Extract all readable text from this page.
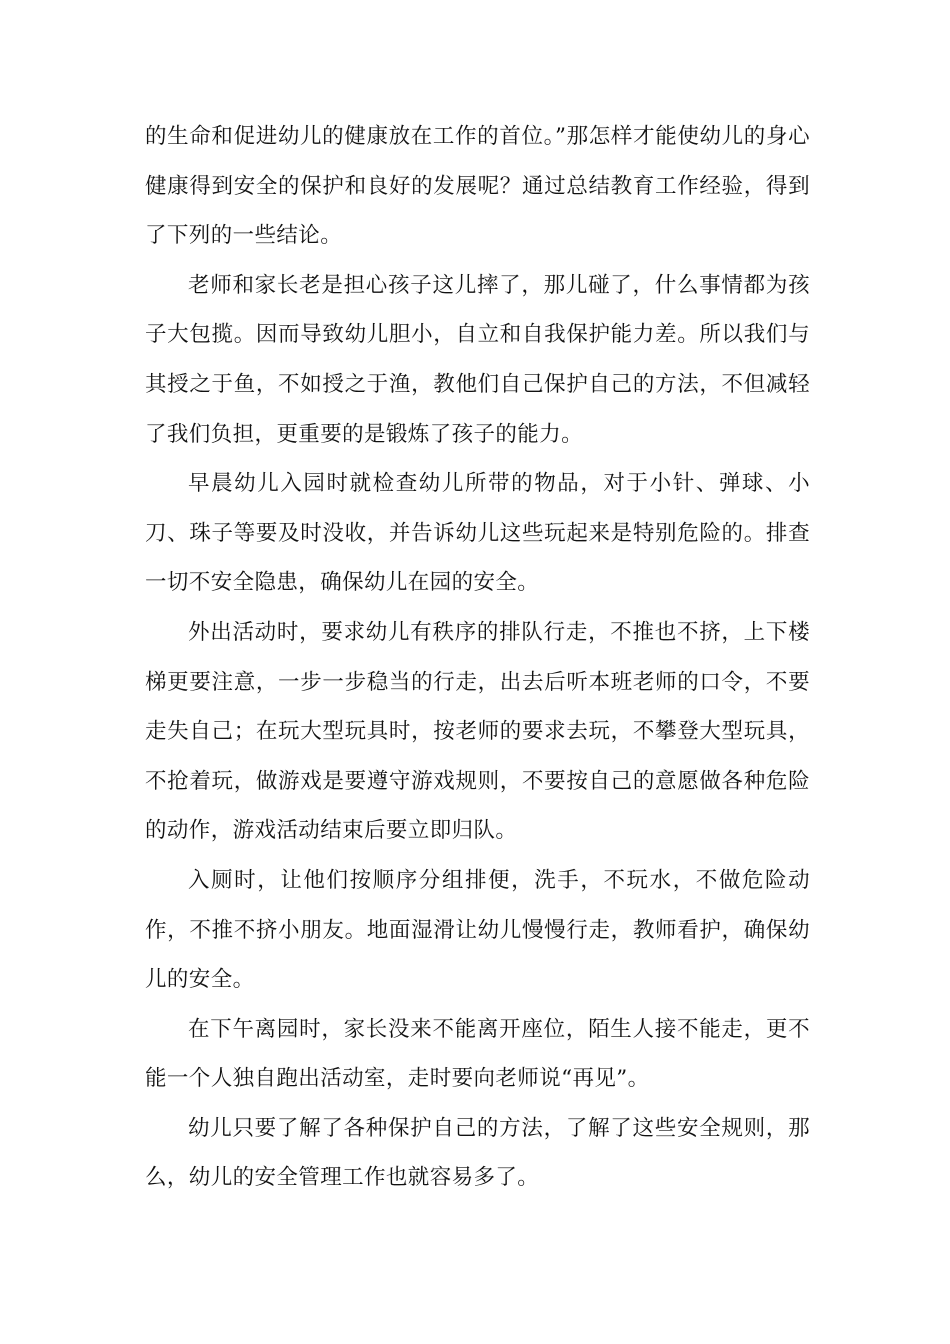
的生命和促进幼儿的健康放在工作的首位。”那怎样才能使幼儿的身心健康得到安全的保护和良好的发展呢？通过总结教育工作经验，得到了下列的一些结论。

老师和家长老是担心孩子这儿摔了，那儿碰了，什么事情都为孩子大包揽。因而导致幼儿胆小，自立和自我保护能力差。所以我们与其授之于鱼，不如授之于渔，教他们自己保护自己的方法，不但减轻了我们负担，更重要的是锻炼了孩子的能力。

早晨幼儿入园时就检查幼儿所带的物品，对于小针、弹球、小刀、珠子等要及时没收，并告诉幼儿这些玩起来是特别危险的。排查一切不安全隐患，确保幼儿在园的安全。

外出活动时，要求幼儿有秩序的排队行走，不推也不挤，上下楼梯更要注意，一步一步稳当的行走，出去后听本班老师的口令，不要走失自己；在玩大型玩具时，按老师的要求去玩，不攀登大型玩具，不抢着玩，做游戏是要遵守游戏规则，不要按自己的意愿做各种危险的动作，游戏活动结束后要立即归队。

入厕时，让他们按顺序分组排便，洗手，不玩水，不做危险动作，不推不挤小朋友。地面湿滑让幼儿慢慢行走，教师看护，确保幼儿的安全。

在下午离园时，家长没来不能离开座位，陌生人接不能走，更不能一个人独自跑出活动室，走时要向老师说“再见”。

幼儿只要了解了各种保护自己的方法，了解了这些安全规则，那么，幼儿的安全管理工作也就容易多了。
